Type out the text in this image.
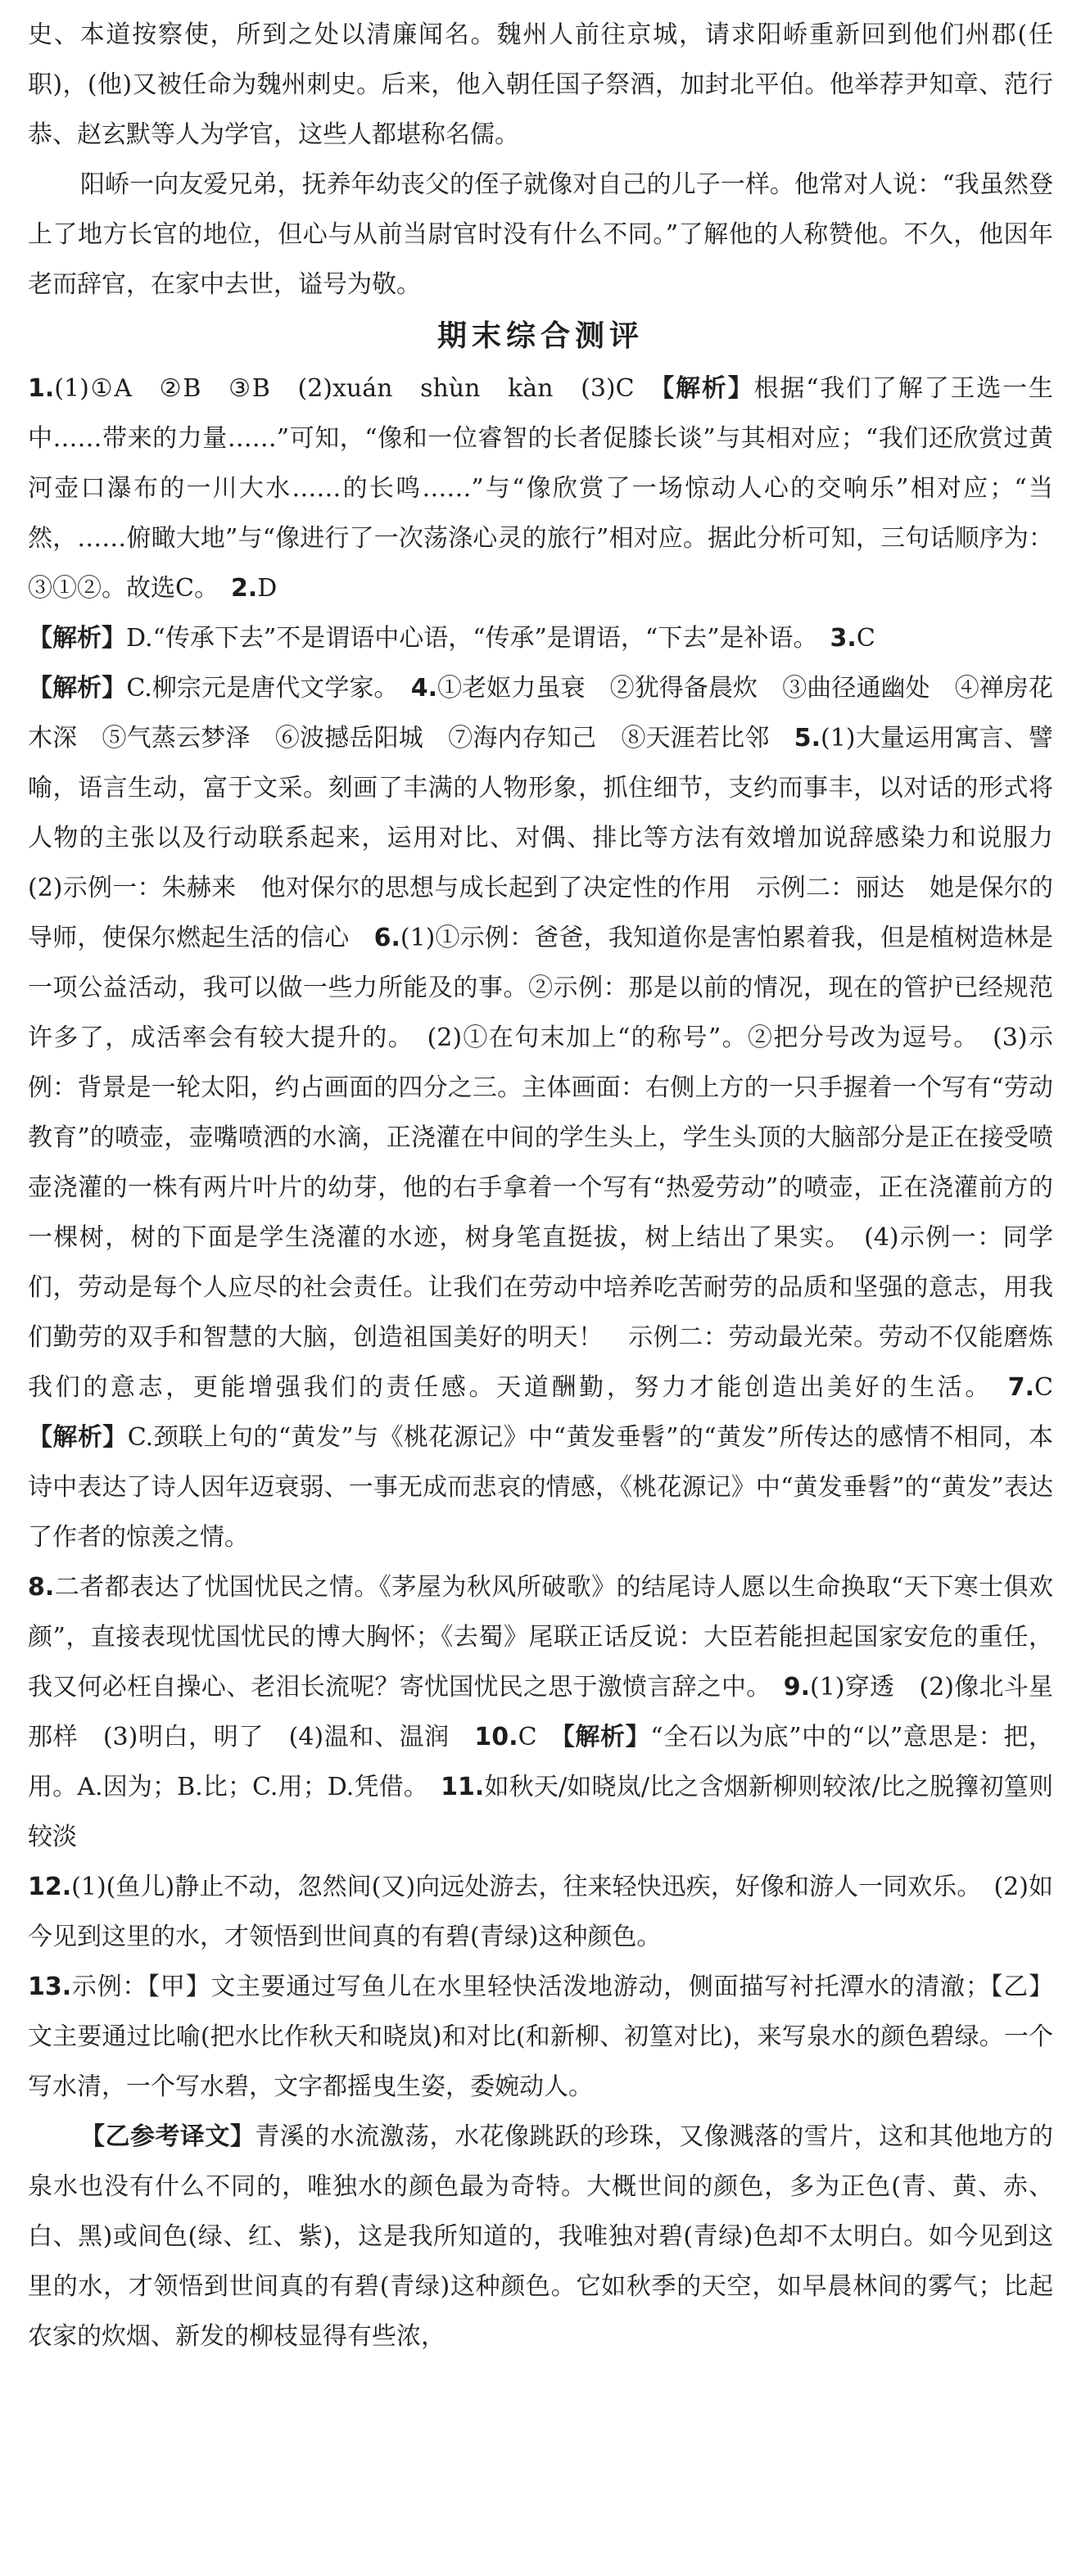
史、本道按察使，所到之处以清廉闻名。魏州人前往京城，请求阳峤重新回到他们州郡(任职)，(他)又被任命为魏州刺史。后来，他入朝任国子祭酒，加封北平伯。他举荐尹知章、范行恭、赵玄默等人为学官，这些人都堪称名儒。

阳峤一向友爱兄弟，抚养年幼丧父的侄子就像对自己的儿子一样。他常对人说：“我虽然登上了地方长官的地位，但心与从前当尉官时没有什么不同。”了解他的人称赞他。不久，他因年老而辞官，在家中去世，谥号为敬。

期末综合测评

1.(1)①A　②B　③B　(2)xuán　shùn　kàn　(3)C　【解析】根据“我们了解了王选一生中……带来的力量……”可知，“像和一位睿智的长者促膝长谈”与其相对应；“我们还欣赏过黄河壶口瀑布的一川大水……的长鸣……”与“像欣赏了一场惊动人心的交响乐”相对应；“当然，……俯瞰大地”与“像进行了一次荡涤心灵的旅行”相对应。据此分析可知，三句话顺序为：③①②。故选C。　2.D

【解析】D.“传承下去”不是谓语中心语，“传承”是谓语，“下去”是补语。　3.C

【解析】C.柳宗元是唐代文学家。　4.①老妪力虽衰　②犹得备晨炊　③曲径通幽处　④禅房花木深　⑤气蒸云梦泽　⑥波撼岳阳城　⑦海内存知己　⑧天涯若比邻　5.(1)大量运用寓言、譬喻，语言生动，富于文采。刻画了丰满的人物形象，抓住细节，支约而事丰，以对话的形式将人物的主张以及行动联系起来，运用对比、对偶、排比等方法有效增加说辞感染力和说服力　(2)示例一：朱赫来　他对保尔的思想与成长起到了决定性的作用　示例二：丽达　她是保尔的导师，使保尔燃起生活的信心　6.(1)①示例：爸爸，我知道你是害怕累着我，但是植树造林是一项公益活动，我可以做一些力所能及的事。②示例：那是以前的情况，现在的管护已经规范许多了，成活率会有较大提升的。　(2)①在句末加上“的称号”。②把分号改为逗号。　(3)示例：背景是一轮太阳，约占画面的四分之三。主体画面：右侧上方的一只手握着一个写有“劳动教育”的喷壶，壶嘴喷洒的水滴，正浇灌在中间的学生头上，学生头顶的大脑部分是正在接受喷壶浇灌的一株有两片叶片的幼芽，他的右手拿着一个写有“热爱劳动”的喷壶，正在浇灌前方的一棵树，树的下面是学生浇灌的水迹，树身笔直挺拔，树上结出了果实。　(4)示例一：同学们，劳动是每个人应尽的社会责任。让我们在劳动中培养吃苦耐劳的品质和坚强的意志，用我们勤劳的双手和智慧的大脑，创造祖国美好的明天！　示例二：劳动最光荣。劳动不仅能磨炼我们的意志，更能增强我们的责任感。天道酬勤，努力才能创造出美好的生活。　7.C　【解析】C.颈联上句的“黄发”与《桃花源记》中“黄发垂髫”的“黄发”所传达的感情不相同，本诗中表达了诗人因年迈衰弱、一事无成而悲哀的情感，《桃花源记》中“黄发垂髫”的“黄发”表达了作者的惊羡之情。

8.二者都表达了忧国忧民之情。《茅屋为秋风所破歌》的结尾诗人愿以生命换取“天下寒士俱欢颜”，直接表现忧国忧民的博大胸怀；《去蜀》尾联正话反说：大臣若能担起国家安危的重任，我又何必枉自操心、老泪长流呢？寄忧国忧民之思于激愤言辞之中。　9.(1)穿透　(2)像北斗星那样　(3)明白，明了　(4)温和、温润　10.C　【解析】“全石以为底”中的“以”意思是：把，用。A.因为；B.比；C.用；D.凭借。　11.如秋天/如晓岚/比之含烟新柳则较浓/比之脱籜初篁则较淡

12.(1)(鱼儿)静止不动，忽然间(又)向远处游去，往来轻快迅疾，好像和游人一同欢乐。　(2)如今见到这里的水，才领悟到世间真的有碧(青绿)这种颜色。

13.示例：【甲】文主要通过写鱼儿在水里轻快活泼地游动，侧面描写衬托潭水的清澈；【乙】文主要通过比喻(把水比作秋天和晓岚)和对比(和新柳、初篁对比)，来写泉水的颜色碧绿。一个写水清，一个写水碧，文字都摇曳生姿，委婉动人。

【乙参考译文】青溪的水流激荡，水花像跳跃的珍珠，又像溅落的雪片，这和其他地方的泉水也没有什么不同的，唯独水的颜色最为奇特。大概世间的颜色，多为正色(青、黄、赤、白、黑)或间色(绿、红、紫)，这是我所知道的，我唯独对碧(青绿)色却不太明白。如今见到这里的水，才领悟到世间真的有碧(青绿)这种颜色。它如秋季的天空，如早晨林间的雾气；比起农家的炊烟、新发的柳枝显得有些浓，
